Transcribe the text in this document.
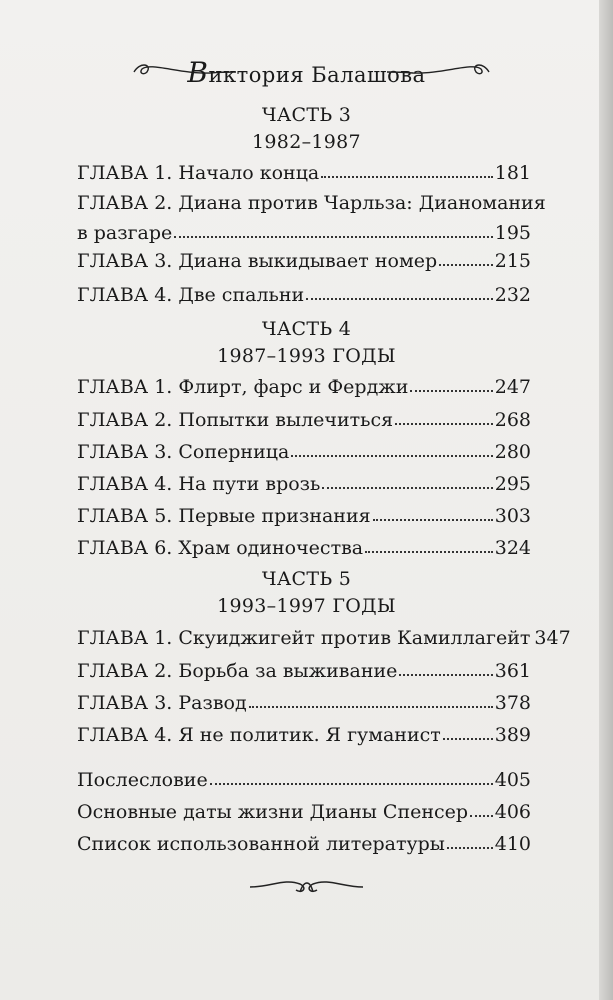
Виктория Балашова
ЧАСТЬ 3
1982–1987
ГЛАВА 1. Начало конца	181
ГЛАВА 2. Диана против Чарльза: Дианомания
в разгаре	195
ГЛАВА 3. Диана выкидывает номер	215
ГЛАВА 4. Две спальни	232
ЧАСТЬ 4
1987–1993 ГОДЫ
ГЛАВА 1. Флирт, фарс и Ферджи	247
ГЛАВА 2. Попытки вылечиться	268
ГЛАВА 3. Соперница	280
ГЛАВА 4. На пути врозь	295
ГЛАВА 5. Первые признания	303
ГЛАВА 6. Храм одиночества	324
ЧАСТЬ 5
1993–1997 ГОДЫ
ГЛАВА 1. Скуиджигейт против Камиллагейт 347
ГЛАВА 2. Борьба за выживание	361
ГЛАВА 3. Развод	378
ГЛАВА 4. Я не политик. Я гуманист	389
Послесловие	405
Основные даты жизни Дианы Спенсер 406
Список использованной литературы	410
